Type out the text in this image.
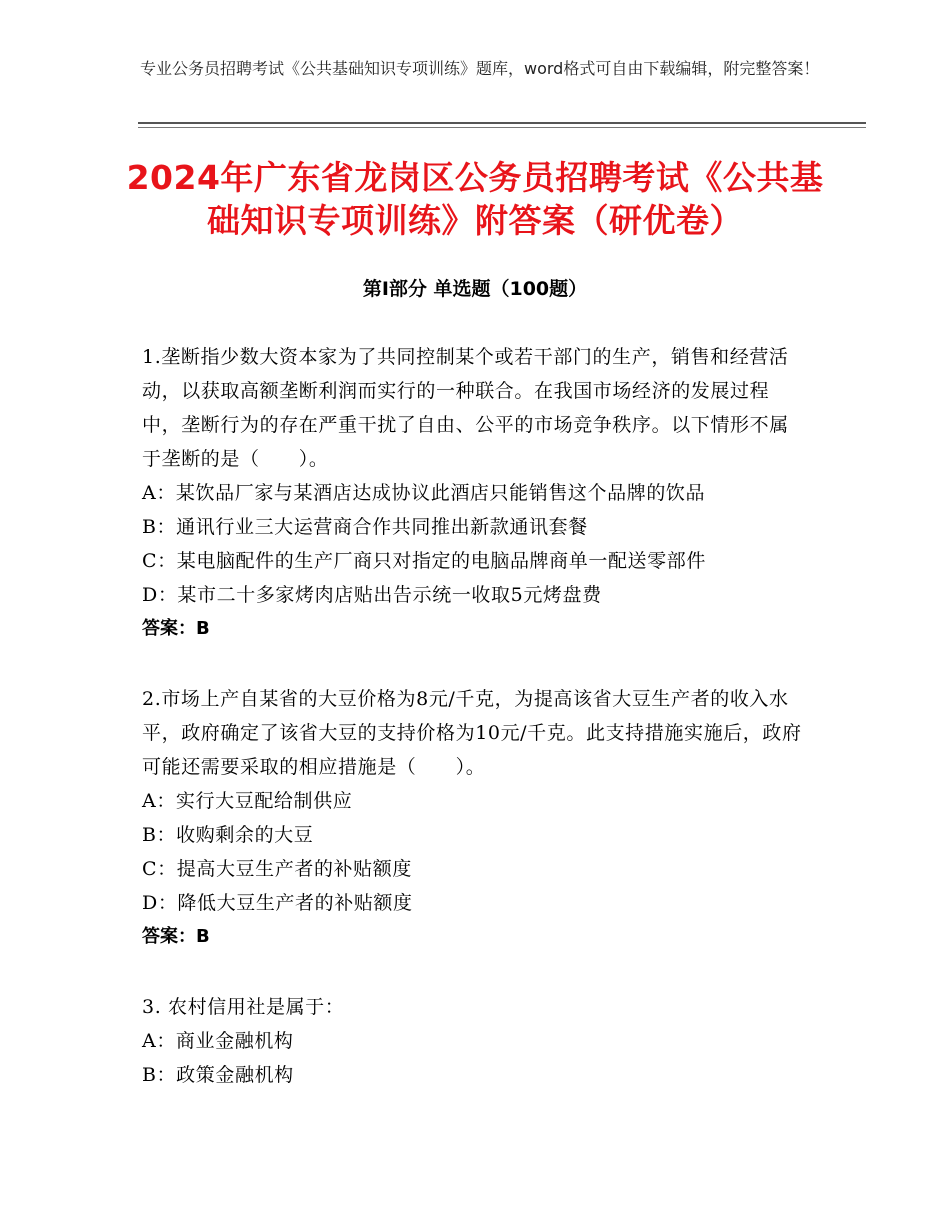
专业公务员招聘考试《公共基础知识专项训练》题库，word格式可自由下载编辑，附完整答案！
2024年广东省龙岗区公务员招聘考试《公共基础知识专项训练》附答案（研优卷）
第I部分 单选题（100题）

1.垄断指少数大资本家为了共同控制某个或若干部门的生产，销售和经营活动，以获取高额垄断利润而实行的一种联合。在我国市场经济的发展过程中，垄断行为的存在严重干扰了自由、公平的市场竞争秩序。以下情形不属于垄断的是（　　）。

A：某饮品厂家与某酒店达成协议此酒店只能销售这个品牌的饮品

B：通讯行业三大运营商合作共同推出新款通讯套餐

C：某电脑配件的生产厂商只对指定的电脑品牌商单一配送零部件

D：某市二十多家烤肉店贴出告示统一收取5元烤盘费

答案：B

2.市场上产自某省的大豆价格为8元/千克，为提高该省大豆生产者的收入水平，政府确定了该省大豆的支持价格为10元/千克。此支持措施实施后，政府可能还需要采取的相应措施是（　　）。

A：实行大豆配给制供应

B：收购剩余的大豆

C：提高大豆生产者的补贴额度

D：降低大豆生产者的补贴额度

答案：B

3. 农村信用社是属于：

A：商业金融机构

B：政策金融机构
